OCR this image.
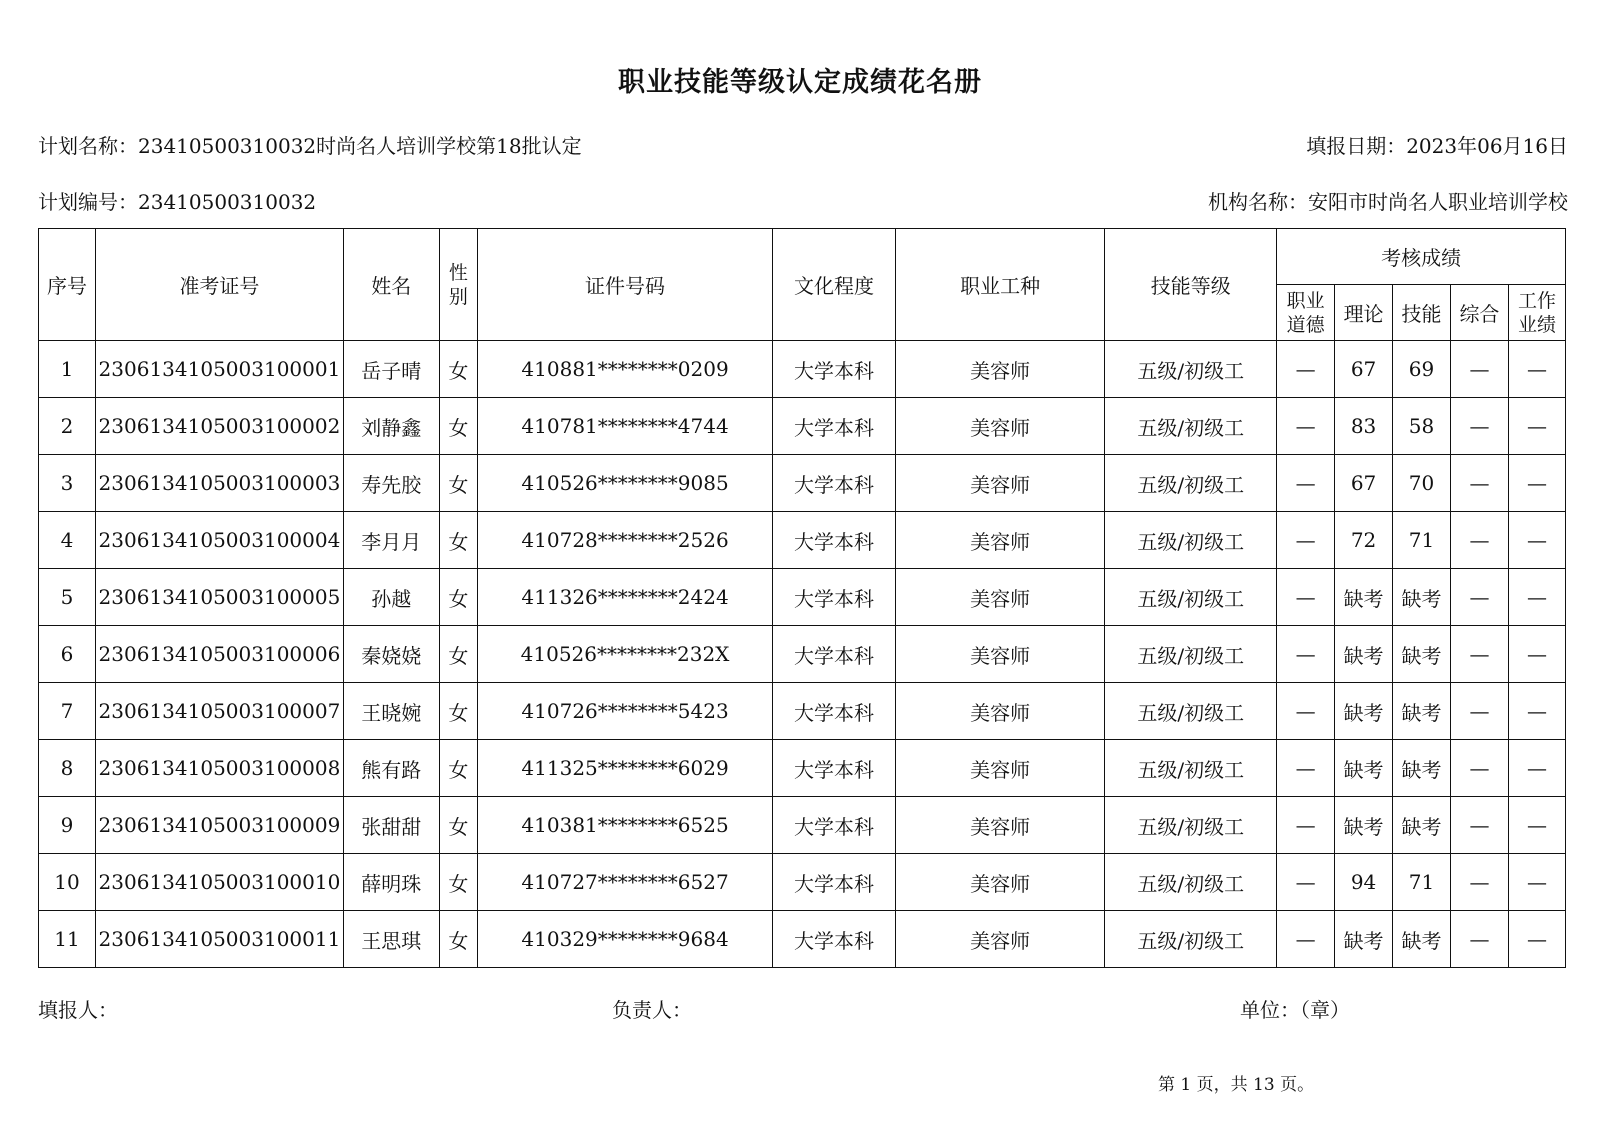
职业技能等级认定成绩花名册
计划名称：23410500310032时尚名人培训学校第18批认定	填报日期：2023年06月16日
计划编号：23410500310032	机构名称：安阳市时尚名人职业培训学校
序号	准考证号	姓名	性别	证件号码	文化程度	职业工种	技能等级	考核成绩				
								职业道德	理论	技能	综合	工作业绩
1	2306134105003100001	岳子晴	女	410881********0209	大学本科	美容师	五级/初级工	—	67	69	—	—
2	2306134105003100002	刘静鑫	女	410781********4744	大学本科	美容师	五级/初级工	—	83	58	—	—
3	2306134105003100003	寿先胶	女	410526********9085	大学本科	美容师	五级/初级工	—	67	70	—	—
4	2306134105003100004	李月月	女	410728********2526	大学本科	美容师	五级/初级工	—	72	71	—	—
5	2306134105003100005	孙越	女	411326********2424	大学本科	美容师	五级/初级工	—	缺考	缺考	—	—
6	2306134105003100006	秦娆娆	女	410526********232X	大学本科	美容师	五级/初级工	—	缺考	缺考	—	—
7	2306134105003100007	王晓婉	女	410726********5423	大学本科	美容师	五级/初级工	—	缺考	缺考	—	—
8	2306134105003100008	熊有路	女	411325********6029	大学本科	美容师	五级/初级工	—	缺考	缺考	—	—
9	2306134105003100009	张甜甜	女	410381********6525	大学本科	美容师	五级/初级工	—	缺考	缺考	—	—
10	2306134105003100010	薛明珠	女	410727********6527	大学本科	美容师	五级/初级工	—	94	71	—	—
11	2306134105003100011	王思琪	女	410329********9684	大学本科	美容师	五级/初级工	—	缺考	缺考	—	—
填报人：	负责人：	单位：（章）
第 1 页，共 13 页。
